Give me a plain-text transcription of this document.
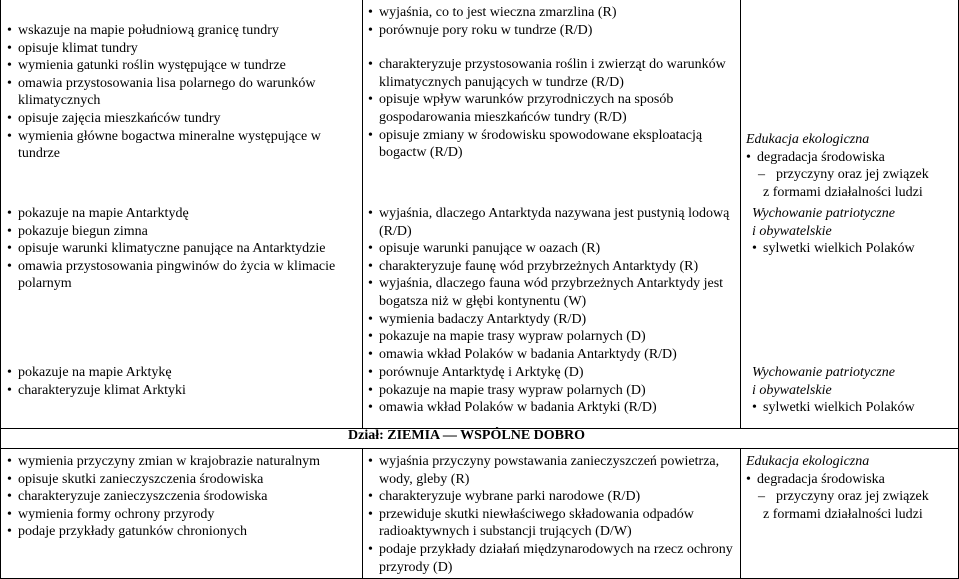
• wskazuje na mapie południową granicę tundry
• opisuje klimat tundry
• wymienia gatunki roślin występujące w tundrze
• omawia przystosowania lisa polarnego do warunków klimatycznych
• opisuje zajęcia mieszkańców tundry
• wymienia główne bogactwa mineralne występujące w tundrze
• wyjaśnia, co to jest wieczna zmarzlina (R)
• porównuje pory roku w tundrze (R/D)
• charakteryzuje przystosowania roślin i zwierząt do warunków klimatycznych panujących w tundrze (R/D)
• opisuje wpływ warunków przyrodniczych na sposób gospodarowania mieszkańców tundry (R/D)
• opisuje zmiany w środowisku spowodowane eksploatacją bogactw (R/D)
Edukacja ekologiczna
• degradacja środowiska
– przyczyny oraz jej związek
z formami działalności ludzi
• pokazuje na mapie Antarktydę
• pokazuje biegun zimna
• opisuje warunki klimatyczne panujące na Antarktydzie
• omawia przystosowania pingwinów do życia w klimacie polarnym
• wyjaśnia, dlaczego Antarktyda nazywana jest pustynią lodową (R/D)
• opisuje warunki panujące w oazach (R)
• charakteryzuje faunę wód przybrzeżnych Antarktydy (R)
• wyjaśnia, dlaczego fauna wód przybrzeżnych Antarktydy jest bogatsza niż w głębi kontynentu (W)
• wymienia badaczy Antarktydy (R/D)
• pokazuje na mapie trasy wypraw polarnych (D)
• omawia wkład Polaków w badania Antarktydy (R/D)
Wychowanie patriotyczne
i obywatelskie
• sylwetki wielkich Polaków
• pokazuje na mapie Arktykę
• charakteryzuje klimat Arktyki
• porównuje Antarktydę i Arktykę (D)
• pokazuje na mapie trasy wypraw polarnych (D)
• omawia wkład Polaków w badania Arktyki (R/D)
Wychowanie patriotyczne
i obywatelskie
• sylwetki wielkich Polaków
Dział: ZIEMIA — WSPÓLNE DOBRO
• wymienia przyczyny zmian w krajobrazie naturalnym
• opisuje skutki zanieczyszczenia środowiska
• charakteryzuje zanieczyszczenia środowiska
• wymienia formy ochrony przyrody
• podaje przykłady gatunków chronionych
• wyjaśnia przyczyny powstawania zanieczyszczeń powietrza, wody, gleby (R)
• charakteryzuje wybrane parki narodowe (R/D)
• przewiduje skutki niewłaściwego składowania odpadów radioaktywnych i substancji trujących (D/W)
• podaje przykłady działań międzynarodowych na rzecz ochrony przyrody (D)
Edukacja ekologiczna
• degradacja środowiska
– przyczyny oraz jej związek
z formami działalności ludzi
